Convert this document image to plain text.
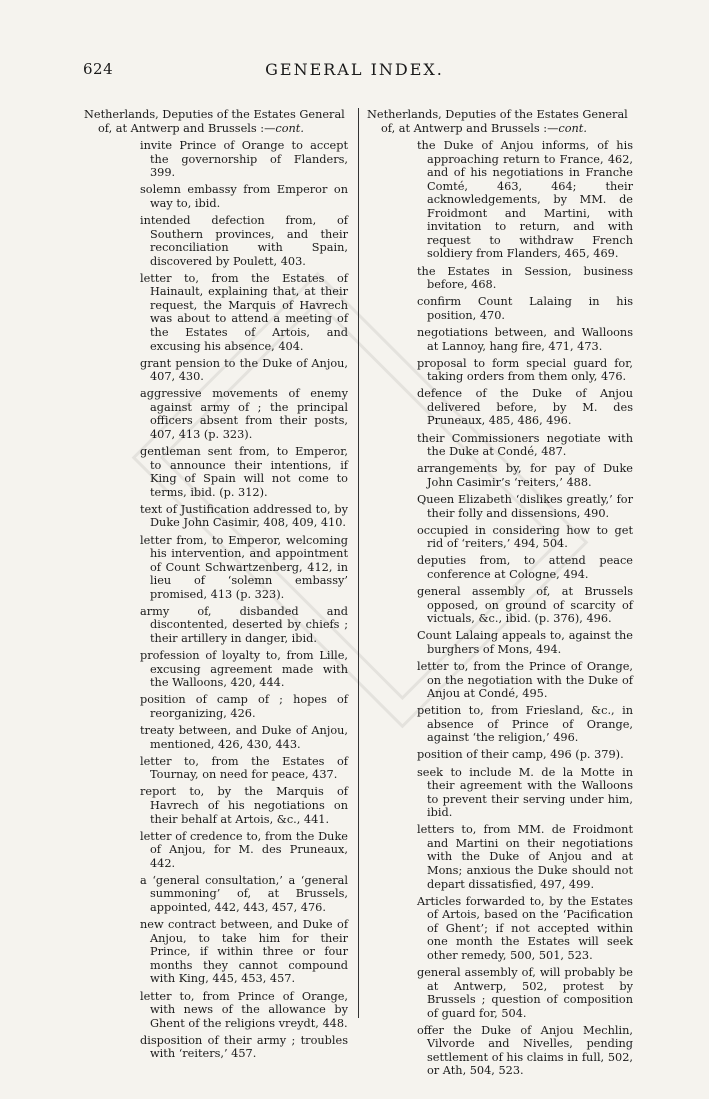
624	GENERAL INDEX.

Netherlands, Deputies of the Estates General of, at Antwerp and Brussels :—cont.

invite Prince of Orange to accept the governorship of Flanders, 399.

solemn embassy from Emperor on way to, ibid.

intended defection from, of Southern provinces, and their reconciliation with Spain, discovered by Poulett, 403.

letter to, from the Estates of Hainault, explaining that, at their request, the Marquis of Havrech was about to attend a meeting of the Estates of Artois, and excusing his absence, 404.

grant pension to the Duke of Anjou, 407, 430.

aggressive movements of enemy against army of ; the principal officers absent from their posts, 407, 413 (p. 323).

gentleman sent from, to Emperor, to announce their intentions, if King of Spain will not come to terms, ibid. (p. 312).

text of Justification addressed to, by Duke John Casimir, 408, 409, 410.

letter from, to Emperor, welcoming his intervention, and appointment of Count Schwartzenberg, 412, in lieu of ‘solemn embassy’ promised, 413 (p. 323).

army of, disbanded and discontented, deserted by chiefs ; their artillery in danger, ibid.

profession of loyalty to, from Lille, excusing agreement made with the Walloons, 420, 444.

position of camp of ; hopes of reorganizing, 426.

treaty between, and Duke of Anjou, mentioned, 426, 430, 443.

letter to, from the Estates of Tournay, on need for peace, 437.

report to, by the Marquis of Havrech of his negotiations on their behalf at Artois, &c., 441.

letter of credence to, from the Duke of Anjou, for M. des Pruneaux, 442.

a ‘general consultation,’ a ‘general summoning’ of, at Brussels, appointed, 442, 443, 457, 476.

new contract between, and Duke of Anjou, to take him for their Prince, if within three or four months they cannot compound with King, 445, 453, 457.

letter to, from Prince of Orange, with news of the allowance by Ghent of the religions vreydt, 448.

disposition of their army ; troubles with ‘reiters,’ 457.

Netherlands, Deputies of the Estates General of, at Antwerp and Brussels :—cont.

the Duke of Anjou informs, of his approaching return to France, 462, and of his negotiations in Franche Comté, 463, 464; their acknowledgements, by MM. de Froidmont and Martini, with invitation to return, and with request to withdraw French soldiery from Flanders, 465, 469.

the Estates in Session, business before, 468.

confirm Count Lalaing in his position, 470.

negotiations between, and Walloons at Lannoy, hang fire, 471, 473.

proposal to form special guard for, taking orders from them only, 476.

defence of the Duke of Anjou delivered before, by M. des Pruneaux, 485, 486, 496.

their Commissioners negotiate with the Duke at Condé, 487.

arrangements by, for pay of Duke John Casimir’s ‘reiters,’ 488.

Queen Elizabeth ‘dislikes greatly,’ for their folly and dissensions, 490.

occupied in considering how to get rid of ‘reiters,’ 494, 504.

deputies from, to attend peace conference at Cologne, 494.

general assembly of, at Brussels opposed, on ground of scarcity of victuals, &c., ibid. (p. 376), 496.

Count Lalaing appeals to, against the burghers of Mons, 494.

letter to, from the Prince of Orange, on the negotiation with the Duke of Anjou at Condé, 495.

petition to, from Friesland, &c., in absence of Prince of Orange, against ‘the religion,’ 496.

position of their camp, 496 (p. 379).

seek to include M. de la Motte in their agreement with the Walloons to prevent their serving under him, ibid.

letters to, from MM. de Froidmont and Martini on their negotiations with the Duke of Anjou and at Mons; anxious the Duke should not depart dissatisfied, 497, 499.

Articles forwarded to, by the Estates of Artois, based on the ‘Pacification of Ghent’; if not accepted within one month the Estates will seek other remedy, 500, 501, 523.

general assembly of, will probably be at Antwerp, 502, protest by Brussels ; question of composition of guard for, 504.

offer the Duke of Anjou Mechlin, Vilvorde and Nivelles, pending settlement of his claims in full, 502, or Ath, 504, 523.
